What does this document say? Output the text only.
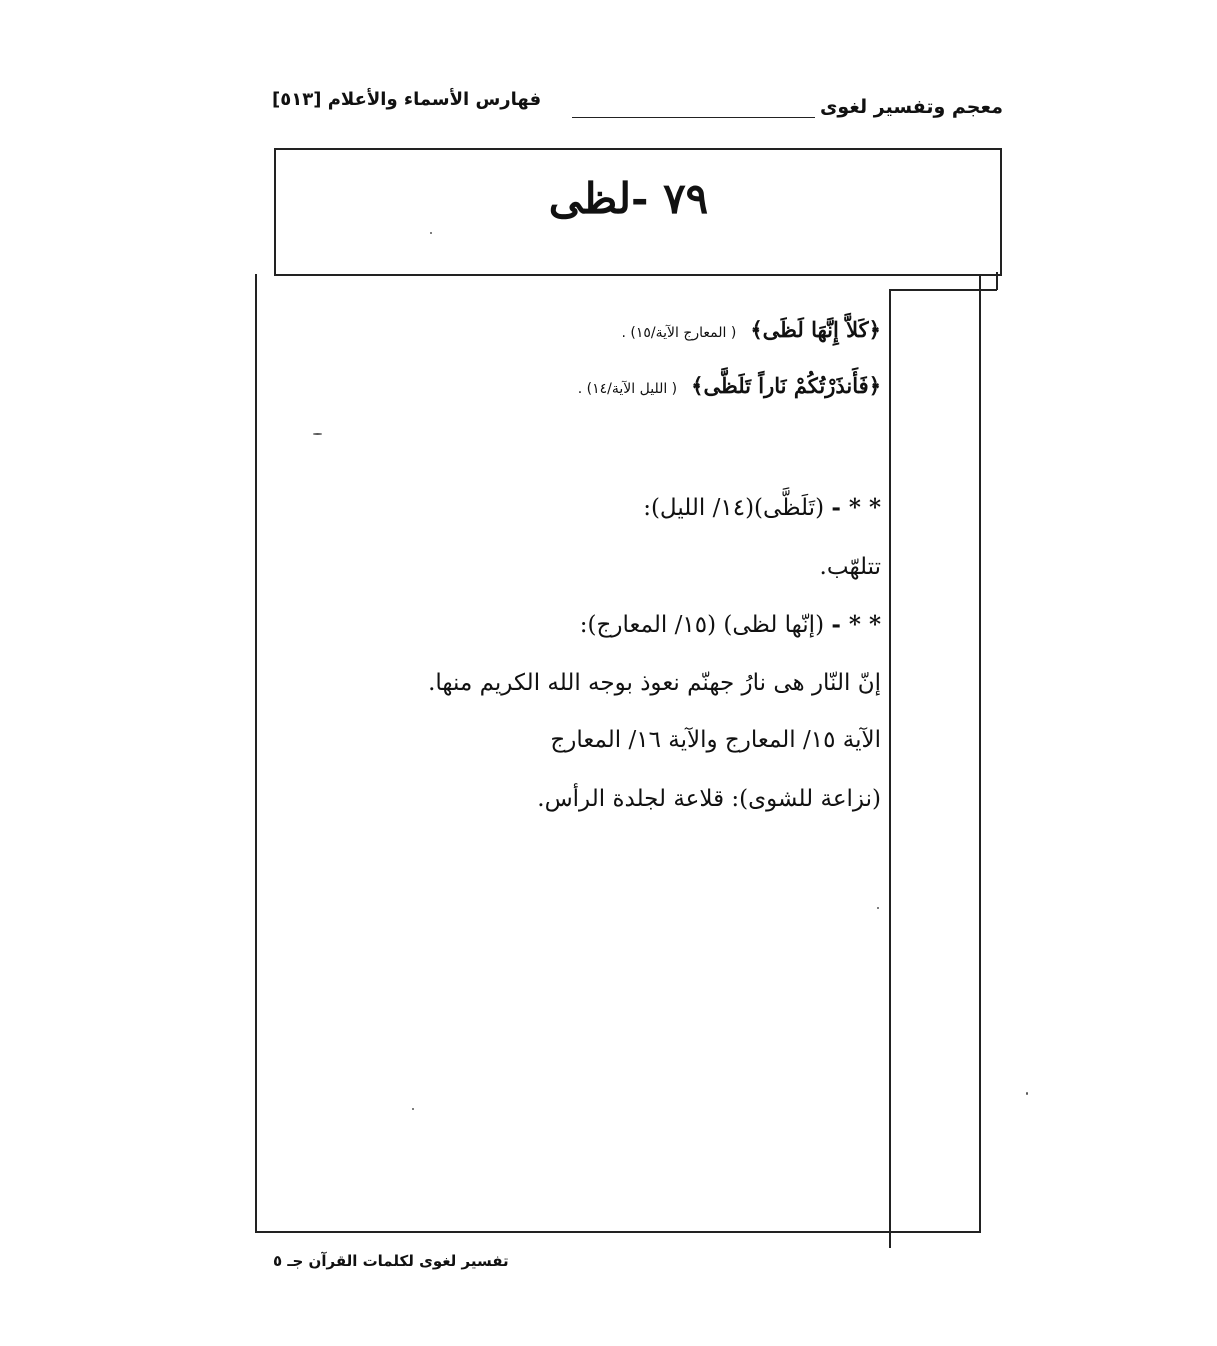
معجم وتفسير لغوى
فهارس الأسماء والأعلام [٥١٣]
٧٩ -لظى
﴿كَلاَّ إِنَّهَا لَظَى﴾( المعارج الآية/١٥) .
﴿فَأَنذَرْتُكُمْ نَاراً تَلَظَّى﴾( الليل الآية/١٤) .
* * - (تَلَظَّى)(١٤/ الليل):
تتلهّب.
* * - (إنّها لظى) (١٥/ المعارج):
إنّ النّار هى نارُ جهنّم نعوذ بوجه الله الكريم منها.
الآية ١٥/ المعارج والآية ١٦/ المعارج
(نزاعة للشوى): قلاعة لجلدة الرأس.
تفسير لغوى لكلمات القرآن جـ ٥
